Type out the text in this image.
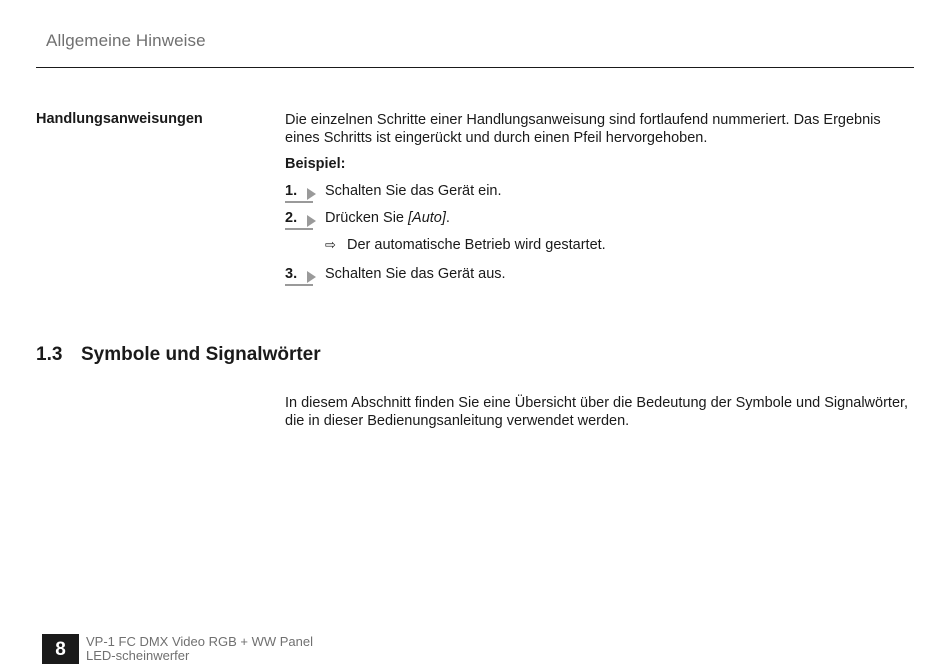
Allgemeine Hinweise
Handlungsanweisungen	Die einzelnen Schritte einer Handlungsanweisung sind fortlaufend nummeriert. Das Ergebnis eines Schritts ist eingerückt und durch einen Pfeil hervorgehoben.
Beispiel:
1.	Schalten Sie das Gerät ein.
2.	Drücken Sie [Auto].
⇨ Der automatische Betrieb wird gestartet.
3.	Schalten Sie das Gerät aus.
1.3 Symbole und Signalwörter
In diesem Abschnitt finden Sie eine Übersicht über die Bedeutung der Symbole und Signalwörter, die in dieser Bedienungsanleitung verwendet werden.
8	VP-1 FC DMX Video RGB + WW Panel
LED-scheinwerfer
